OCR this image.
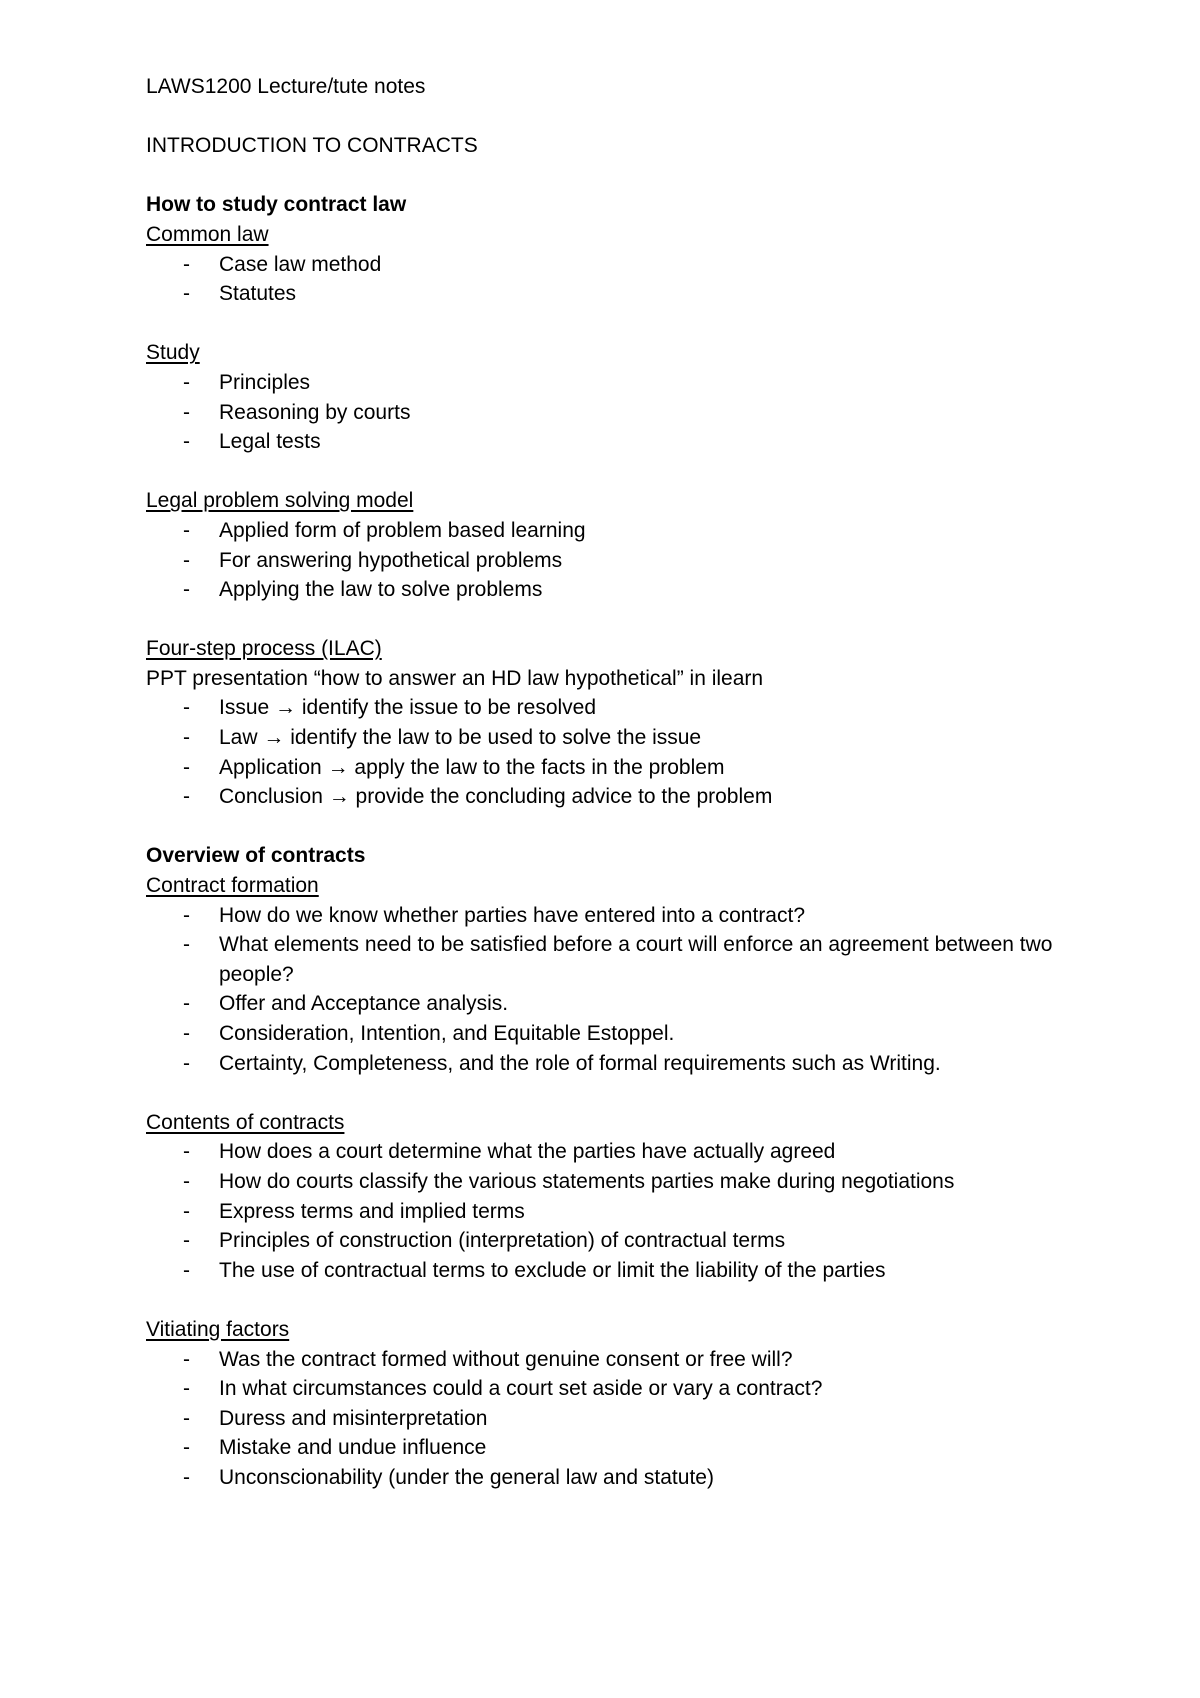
LAWS1200 Lecture/tute notes

INTRODUCTION TO CONTRACTS

How to study contract law

Common law

- Case law method
- Statutes

Study

- Principles
- Reasoning by courts
- Legal tests

Legal problem solving model

- Applied form of problem based learning
- For answering hypothetical problems
- Applying the law to solve problems

Four-step process (ILAC)

PPT presentation “how to answer an HD law hypothetical” in ilearn

- Issue → identify the issue to be resolved
- Law → identify the law to be used to solve the issue
- Application → apply the law to the facts in the problem
- Conclusion → provide the concluding advice to the problem

Overview of contracts

Contract formation

- How do we know whether parties have entered into a contract?
- What elements need to be satisfied before a court will enforce an agreement between two people?
- Offer and Acceptance analysis.
- Consideration, Intention, and Equitable Estoppel.
- Certainty, Completeness, and the role of formal requirements such as Writing.

Contents of contracts

- How does a court determine what the parties have actually agreed
- How do courts classify the various statements parties make during negotiations
- Express terms and implied terms
- Principles of construction (interpretation) of contractual terms
- The use of contractual terms to exclude or limit the liability of the parties

Vitiating factors

- Was the contract formed without genuine consent or free will?
- In what circumstances could a court set aside or vary a contract?
- Duress and misinterpretation
- Mistake and undue influence
- Unconscionability (under the general law and statute)
